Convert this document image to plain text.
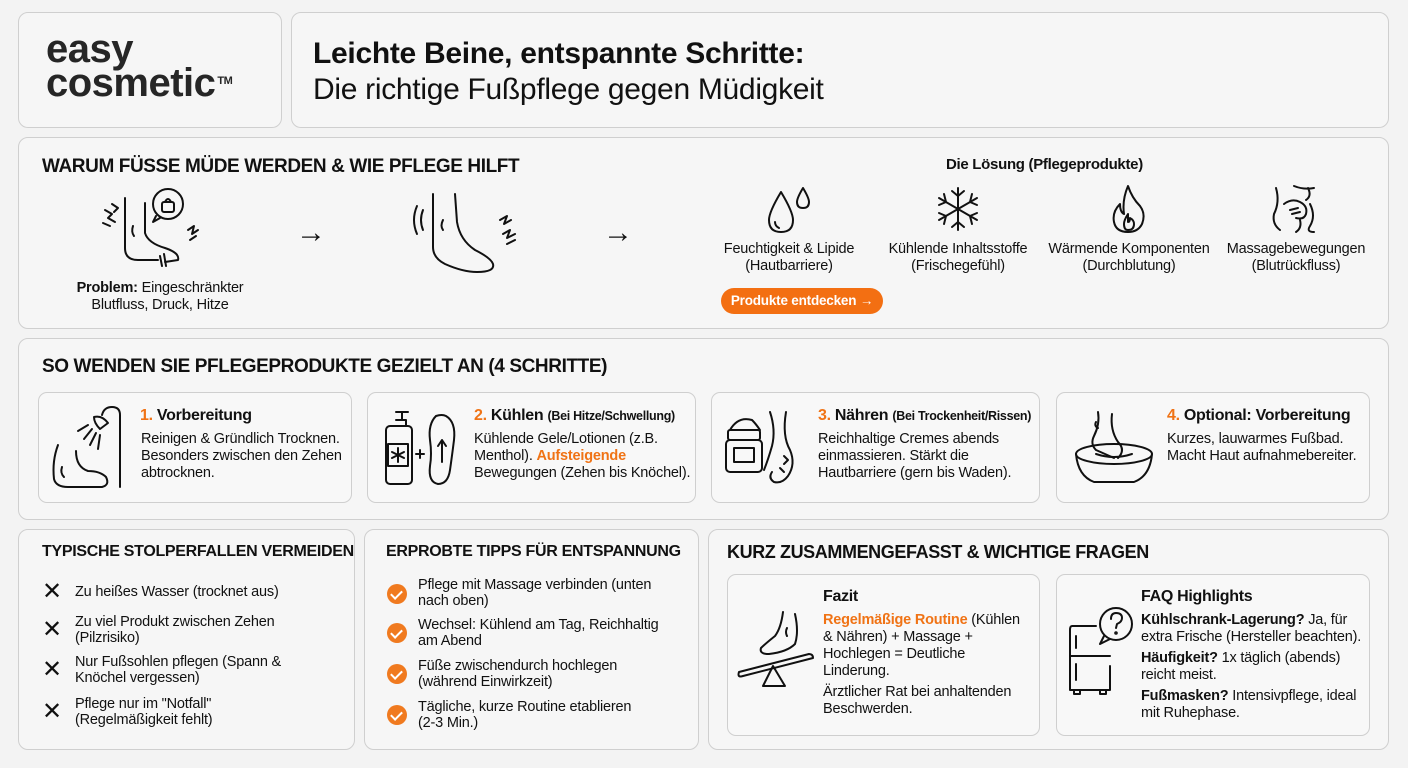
easy
cosmetic ™
Leichte Beine, entspannte Schritte:
Die richtige Fußpflege gegen Müdigkeit
WARUM FÜSSE MÜDE WERDEN & WIE PFLEGE HILFT
Problem: Eingeschränkter
Blutfluss, Druck, Hitze
→	→
Die Lösung (Pflegeprodukte)
Feuchtigkeit & Lipide
(Hautbarriere)
Kühlende Inhaltsstoffe
(Frischegefühl)
Wärmende Komponenten
(Durchblutung)
Massagebewegungen
(Blutrückfluss)
Produkte entdecken →
SO WENDEN SIE PFLEGEPRODUKTE GEZIELT AN (4 SCHRITTE)
1. Vorbereitung
Reinigen & Gründlich Trocknen.
Besonders zwischen den Zehen
abtrocknen.
2. Kühlen (Bei Hitze/Schwellung)
Kühlende Gele/Lotionen (z.B.
Menthol). Aufsteigende
Bewegungen (Zehen bis Knöchel).
3. Nähren (Bei Trockenheit/Rissen)
Reichhaltige Cremes abends
einmassieren. Stärkt die
Hautbarriere (gern bis Waden).
4. Optional: Vorbereitung
Kurzes, lauwarmes Fußbad.
Macht Haut aufnahmebereiter.
TYPISCHE STOLPERFALLEN VERMEIDEN
✕ Zu heißes Wasser (trocknet aus)
✕ Zu viel Produkt zwischen Zehen
(Pilzrisiko)
✕ Nur Fußsohlen pflegen (Spann &
Knöchel vergessen)
✕ Pflege nur im "Notfall"
(Regelmäßigkeit fehlt)
ERPROBTE TIPPS FÜR ENTSPANNUNG
Pflege mit Massage verbinden (unten
nach oben)
Wechsel: Kühlend am Tag, Reichhaltig
am Abend
Füße zwischendurch hochlegen
(während Einwirkzeit)
Tägliche, kurze Routine etablieren
(2-3 Min.)
KURZ ZUSAMMENGEFASST & WICHTIGE FRAGEN
Fazit
Regelmäßige Routine (Kühlen
& Nähren) + Massage +
Hochlegen = Deutliche
Linderung.
Ärztlicher Rat bei anhaltenden
Beschwerden.
FAQ Highlights
Kühlschrank-Lagerung? Ja, für
extra Frische (Hersteller beachten).
Häufigkeit? 1x täglich (abends)
reicht meist.
Fußmasken? Intensivpflege, ideal
mit Ruhephase.
